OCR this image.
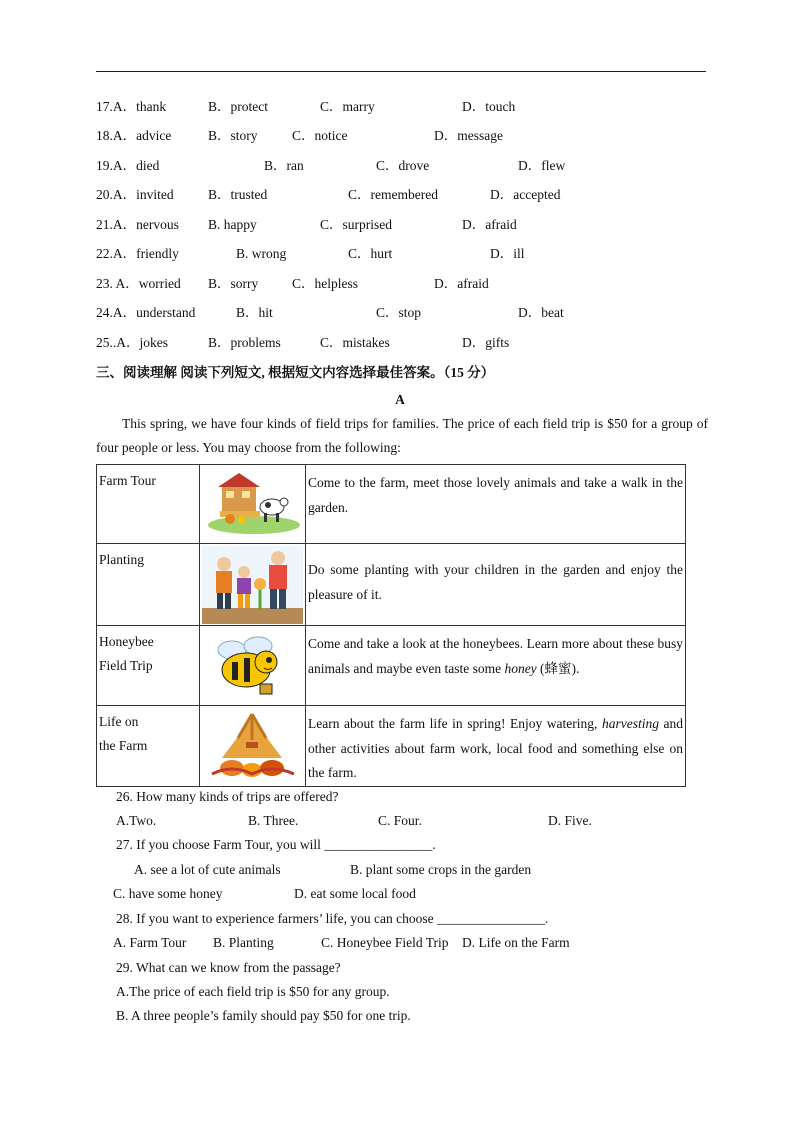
17.A．thank	B．protect	C．marry	D．touch
18.A．advice	B．story	C．notice	D．message
19.A．died	B．ran	C．drove	D．flew
20.A．invited	B．trusted	C．remembered	D．accepted
21.A．nervous B. happy	C．surprised	D．afraid
22.A．friendly	B. wrong	C．hurt	D．ill
23. A．worried B．sorry	C．helpless	D．afraid
24.A．understand	B．hit	C．stop	D．beat
25..A．jokes	B．problems	C．mistakes	D．gifts
三、阅读理解 阅读下列短文, 根据短文内容选择最佳答案。（15 分）
A
This spring, we have four kinds of field trips for families. The price of each field trip is $50 for a group of four people or less. You may choose from the following:
Farm Tour		Come to the farm, meet those lovely animals and take a walk in the garden.
Planting		Do some planting with your children in the garden and enjoy the pleasure of it.
Honeybee
Field Trip		Come and take a look at the honeybees. Learn more about these busy animals and maybe even taste some honey (蜂蜜).
Life on
the Farm		Learn about the farm life in spring! Enjoy watering, harvesting and other activities about farm work, local food and something else on the farm.
26. How many kinds of trips are offered?
A.Two.	B. Three.	C. Four.	D. Five.
27. If you choose Farm Tour, you will ________________.
A. see a lot of cute animals	B. plant some crops in the garden
C. have some honey	D. eat some local food
28. If you want to experience farmers’ life, you can choose ________________.
A. Farm Tour B. Planting	C. Honeybee Field Trip D. Life on the Farm
29. What can we know from the passage?
A.The price of each field trip is $50 for any group.
B. A three people’s family should pay $50 for one trip.
